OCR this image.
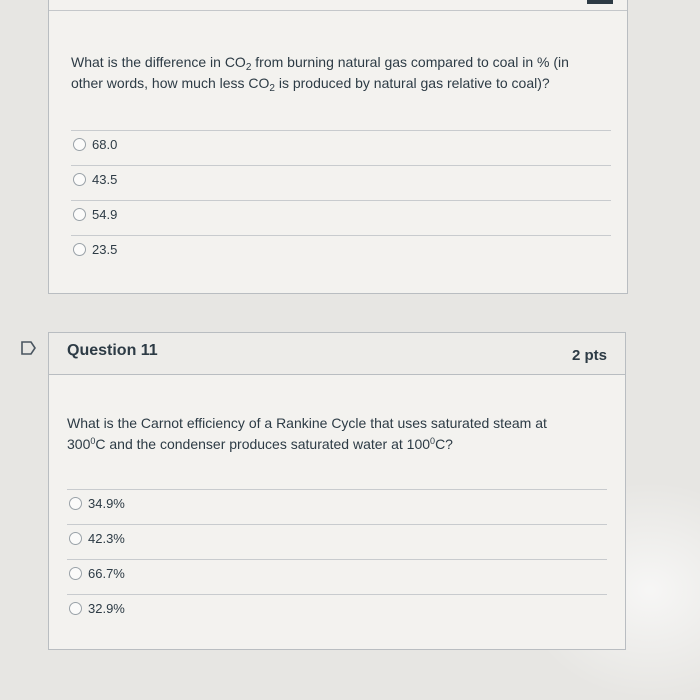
What is the difference in $CO_2$ from burning natural gas compared to coal in % (in

other words, how much less $CO_2$ is produced by natural gas relative to coal)?

68.0
43.5
54.9
23.5
Question 11	2 pts

What is the Carnot efficiency of a Rankine Cycle that uses saturated steam at

$300^0C$ and the condenser produces saturated water at $100^0C$?

34.9%
42.3%
66.7%
32.9%
